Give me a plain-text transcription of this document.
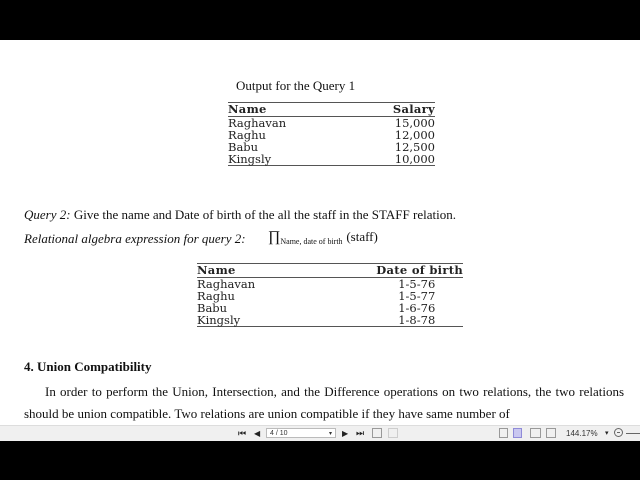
Output for the Query 1
Name	Salary
Raghavan	15,000
Raghu	12,000
Babu	12,500
Kingsly	10,000
Query 2: Give the name and Date of birth of the all the staff in the STAFF relation.
Relational algebra expression for query 2: $\prod_{Name, date of birth}$ (staff)
Name	Date of birth
Raghavan	1-5-76
Raghu	1-5-77
Babu	1-6-76
Kingsly	1-8-78
4. Union Compatibility
In order to perform the Union, Intersection, and the Difference operations on two relations, the two relations should be union compatible. Two relations are union compatible if they have same number of
⏮ ◀	4 / 10	▾ ▶ ⏭	144.17% ▾
